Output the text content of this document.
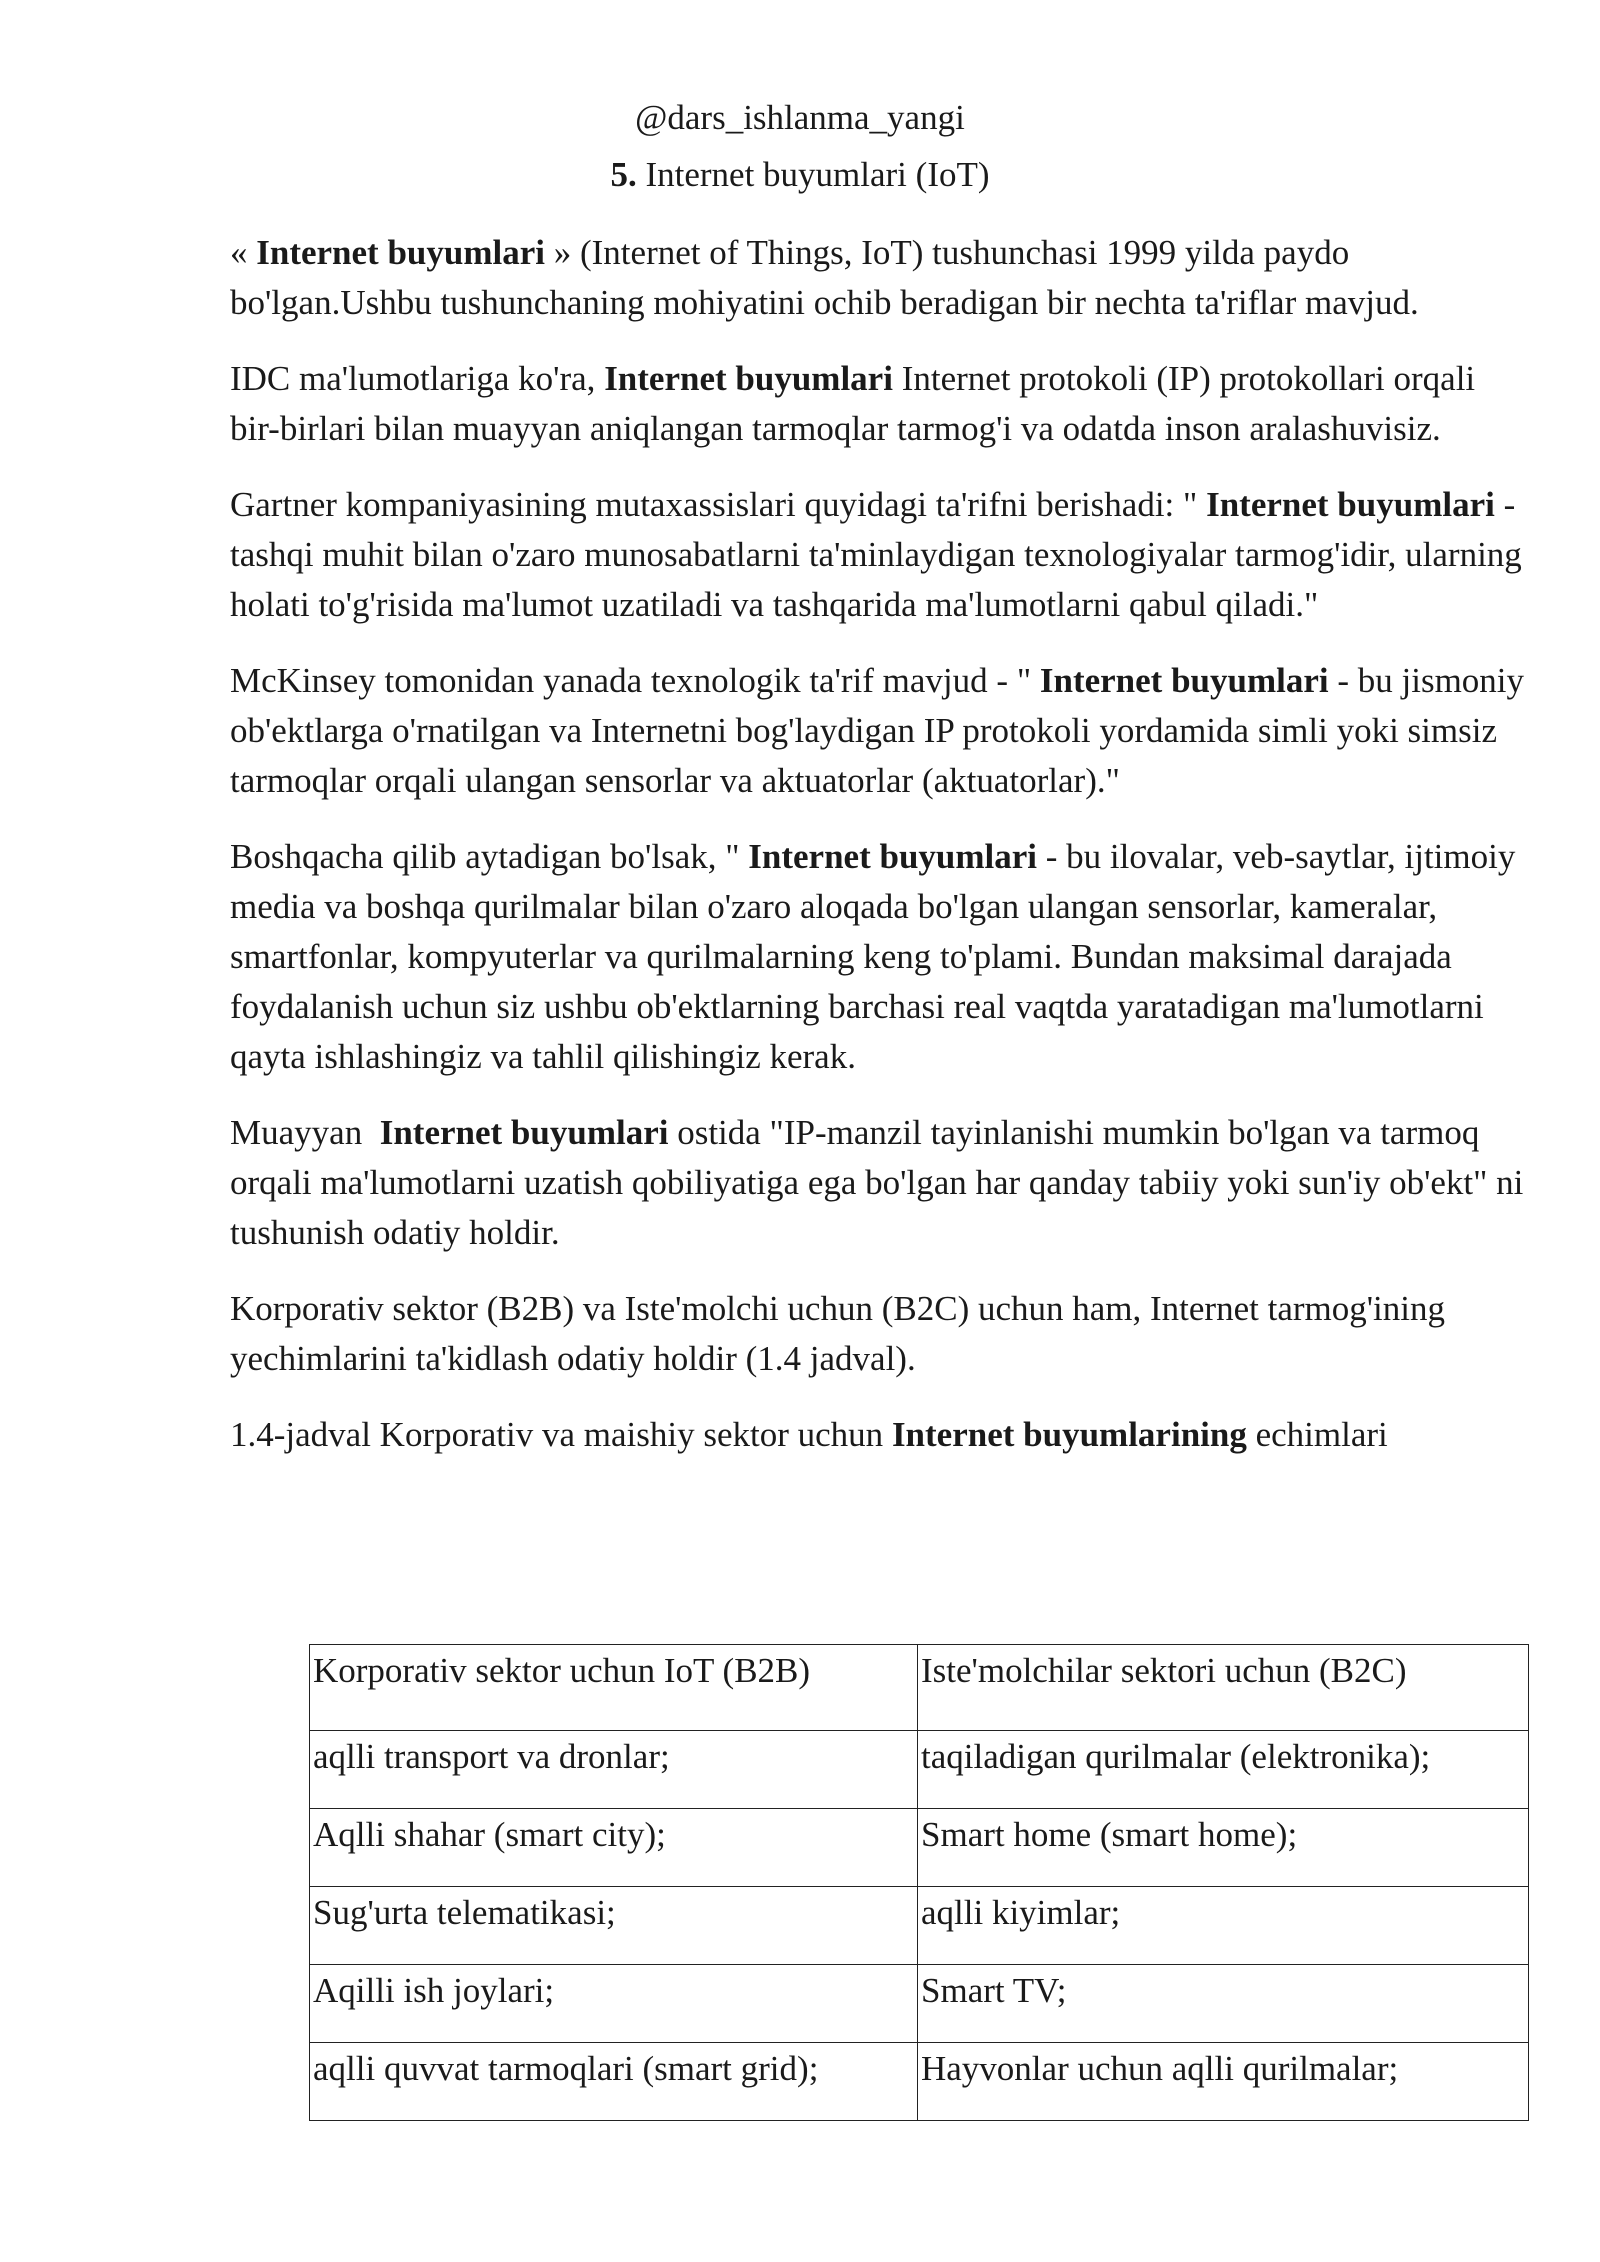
@dars_ishlanma_yangi
5. Internet buyumlari (IoT)

« Internet buyumlari » (Internet of Things, IoT) tushunchasi 1999 yilda paydo bo'lgan.Ushbu tushunchaning mohiyatini ochib beradigan bir nechta ta'riflar mavjud.

IDC ma'lumotlariga ko'ra, Internet buyumlari Internet protokoli (IP) protokollari orqali bir-birlari bilan muayyan aniqlangan tarmoqlar tarmog'i va odatda inson aralashuvisiz.

Gartner kompaniyasining mutaxassislari quyidagi ta'rifni berishadi: " Internet buyumlari - tashqi muhit bilan o'zaro munosabatlarni ta'minlaydigan texnologiyalar tarmog'idir, ularning holati to'g'risida ma'lumot uzatiladi va tashqarida ma'lumotlarni qabul qiladi."

McKinsey tomonidan yanada texnologik ta'rif mavjud - " Internet buyumlari - bu jismoniy ob'ektlarga o'rnatilgan va Internetni bog'laydigan IP protokoli yordamida simli yoki simsiz tarmoqlar orqali ulangan sensorlar va aktuatorlar (aktuatorlar)."

Boshqacha qilib aytadigan bo'lsak, " Internet buyumlari - bu ilovalar, veb-saytlar, ijtimoiy media va boshqa qurilmalar bilan o'zaro aloqada bo'lgan ulangan sensorlar, kameralar, smartfonlar, kompyuterlar va qurilmalarning keng to'plami. Bundan maksimal darajada foydalanish uchun siz ushbu ob'ektlarning barchasi real vaqtda yaratadigan ma'lumotlarni qayta ishlashingiz va tahlil qilishingiz kerak.

Muayyan  Internet buyumlari ostida "IP-manzil tayinlanishi mumkin bo'lgan va tarmoq orqali ma'lumotlarni uzatish qobiliyatiga ega bo'lgan har qanday tabiiy yoki sun'iy ob'ekt" ni tushunish odatiy holdir.

Korporativ sektor (B2B) va Iste'molchi uchun (B2C) uchun ham, Internet tarmog'ining yechimlarini ta'kidlash odatiy holdir (1.4 jadval).

1.4-jadval Korporativ va maishiy sektor uchun Internet buyumlarining echimlari

Korporativ sektor uchun IoT (B2B)	Iste'molchilar sektori uchun (B2C)
aqlli transport va dronlar;	taqiladigan qurilmalar (elektronika);
Aqlli shahar (smart city);	Smart home (smart home);
Sug'urta telematikasi;	aqlli kiyimlar;
Aqilli ish joylari;	Smart TV;
aqlli quvvat tarmoqlari (smart grid);	Hayvonlar uchun aqlli qurilmalar;
